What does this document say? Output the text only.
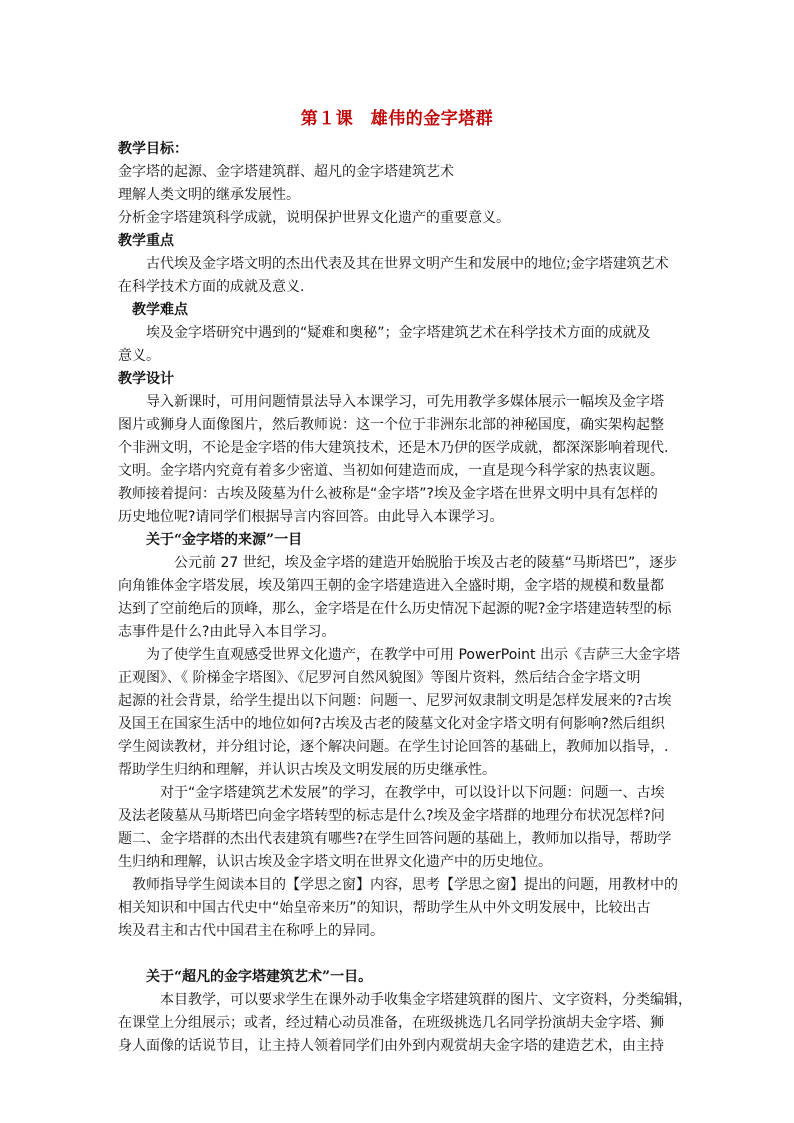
第１课　雄伟的金字塔群
教学目标：
金字塔的起源、金字塔建筑群、超凡的金字塔建筑艺术
理解人类文明的继承发展性。
分析金字塔建筑科学成就，说明保护世界文化遗产的重要意义。
教学重点
古代埃及金字塔文明的杰出代表及其在世界文明产生和发展中的地位;金字塔建筑艺术
在科学技术方面的成就及意义.
教学难点
埃及金字塔研究中遇到的“疑难和奥秘”；金字塔建筑艺术在科学技术方面的成就及
意义。
教学设计
导入新课时，可用问题情景法导入本课学习，可先用教学多媒体展示一幅埃及金字塔
图片或狮身人面像图片，然后教师说：这一个位于非洲东北部的神秘国度，确实架构起整
个非洲文明，不论是金字塔的伟大建筑技术，还是木乃伊的医学成就，都深深影响着现代.
文明。金字塔内究竟有着多少密道、当初如何建造而成，一直是现今科学家的热衷议题。
教师接着提问：古埃及陵墓为什么被称是“金字塔”?埃及金字塔在世界文明中具有怎样的
历史地位呢?请同学们根据导言内容回答。由此导入本课学习。
关于“金字塔的来源”一目
公元前 27 世纪，埃及金字塔的建造开始脱胎于埃及古老的陵墓“马斯塔巴”，逐步
向角锥体金字塔发展，埃及第四王朝的金字塔建造进入全盛时期，金字塔的规模和数量都
达到了空前绝后的顶峰，那么，金字塔是在什么历史情况下起源的呢?金字塔建造转型的标
志事件是什么?由此导入本目学习。
为了使学生直观感受世界文化遗产，在教学中可用 PowerPoint 出示《吉萨三大金字塔
正观图》、《 阶梯金字塔图》、《尼罗河自然风貌图》等图片资料，然后结合金字塔文明
起源的社会背景，给学生提出以下问题：问题一、尼罗河奴隶制文明是怎样发展来的?古埃
及国王在国家生活中的地位如何?古埃及古老的陵墓文化对金字塔文明有何影响?然后组织
学生阅读教材，并分组讨论，逐个解决问题。在学生讨论回答的基础上，教师加以指导，.
帮助学生归纳和理解，并认识古埃及文明发展的历史继承性。
对于“金字塔建筑艺术发展”的学习，在教学中，可以设计以下问题：问题一、古埃
及法老陵墓从马斯塔巴向金字塔转型的标志是什么?埃及金字塔群的地理分布状况怎样?问
题二、金字塔群的杰出代表建筑有哪些?在学生回答问题的基础上，教师加以指导，帮助学
生归纳和理解，认识古埃及金字塔文明在世界文化遗产中的历史地位。
教师指导学生阅读本目的【学思之窗】内容，思考【学思之窗】提出的问题，用教材中的
相关知识和中国古代史中“始皇帝来历”的知识，帮助学生从中外文明发展中，比较出古
埃及君主和古代中国君主在称呼上的异同。
关于“超凡的金字塔建筑艺术”一目。
本目教学，可以要求学生在课外动手收集金字塔建筑群的图片、文字资料，分类编辑，
在课堂上分组展示；或者，经过精心动员准备，在班级挑选几名同学扮演胡夫金字塔、狮
身人面像的话说节目，让主持人领着同学们由外到内观赏胡夫金字塔的建造艺术，由主持
